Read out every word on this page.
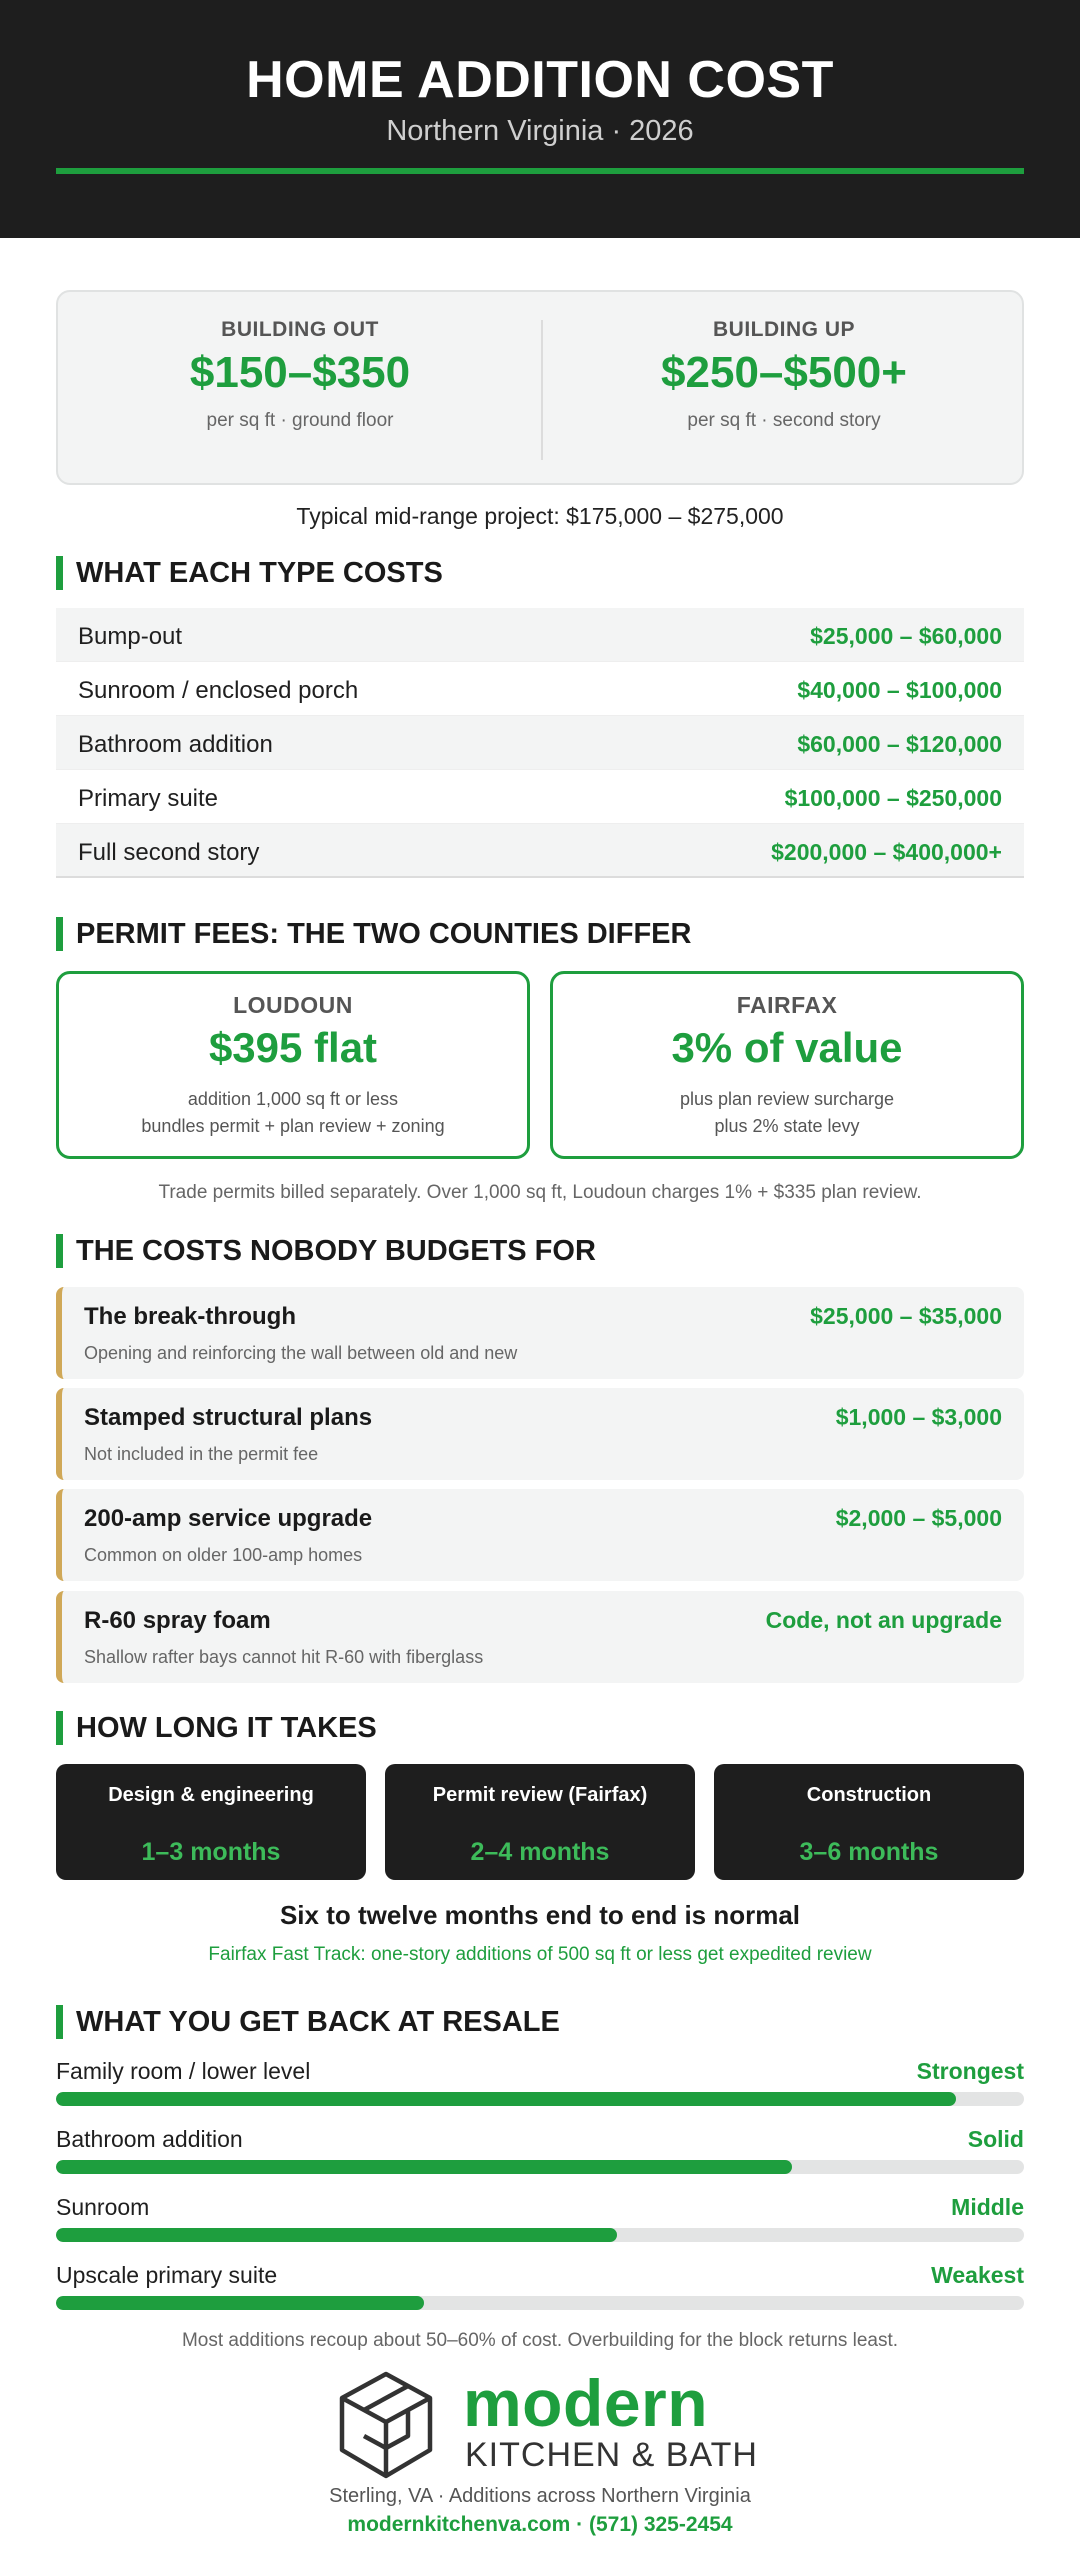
HOME ADDITION COST
Northern Virginia · 2026
BUILDING OUT
$150–$350
per sq ft · ground floor
BUILDING UP
$250–$500+
per sq ft · second story
Typical mid-range project: $175,000 – $275,000
WHAT EACH TYPE COSTS
Bump-out	$25,000 – $60,000
Sunroom / enclosed porch	$40,000 – $100,000
Bathroom addition	$60,000 – $120,000
Primary suite	$100,000 – $250,000
Full second story	$200,000 – $400,000+
PERMIT FEES: THE TWO COUNTIES DIFFER
LOUDOUN
$395 flat
addition 1,000 sq ft or less
bundles permit + plan review + zoning
FAIRFAX
3% of value
plus plan review surcharge
plus 2% state levy
Trade permits billed separately. Over 1,000 sq ft, Loudoun charges 1% + $335 plan review.
THE COSTS NOBODY BUDGETS FOR
The break-through
Opening and reinforcing the wall between old and new
$25,000 – $35,000
Stamped structural plans
Not included in the permit fee
$1,000 – $3,000
200-amp service upgrade
Common on older 100-amp homes
$2,000 – $5,000
R-60 spray foam
Shallow rafter bays cannot hit R-60 with fiberglass
Code, not an upgrade
HOW LONG IT TAKES
Design & engineering
1–3 months
Permit review (Fairfax)
2–4 months
Construction
3–6 months
Six to twelve months end to end is normal
Fairfax Fast Track: one-story additions of 500 sq ft or less get expedited review
WHAT YOU GET BACK AT RESALE
Family room / lower level	Strongest
Bathroom addition	Solid
Sunroom	Middle
Upscale primary suite	Weakest
Most additions recoup about 50–60% of cost. Overbuilding for the block returns least.
modern
KITCHEN & BATH
Sterling, VA · Additions across Northern Virginia
modernkitchenva.com · (571) 325-2454
